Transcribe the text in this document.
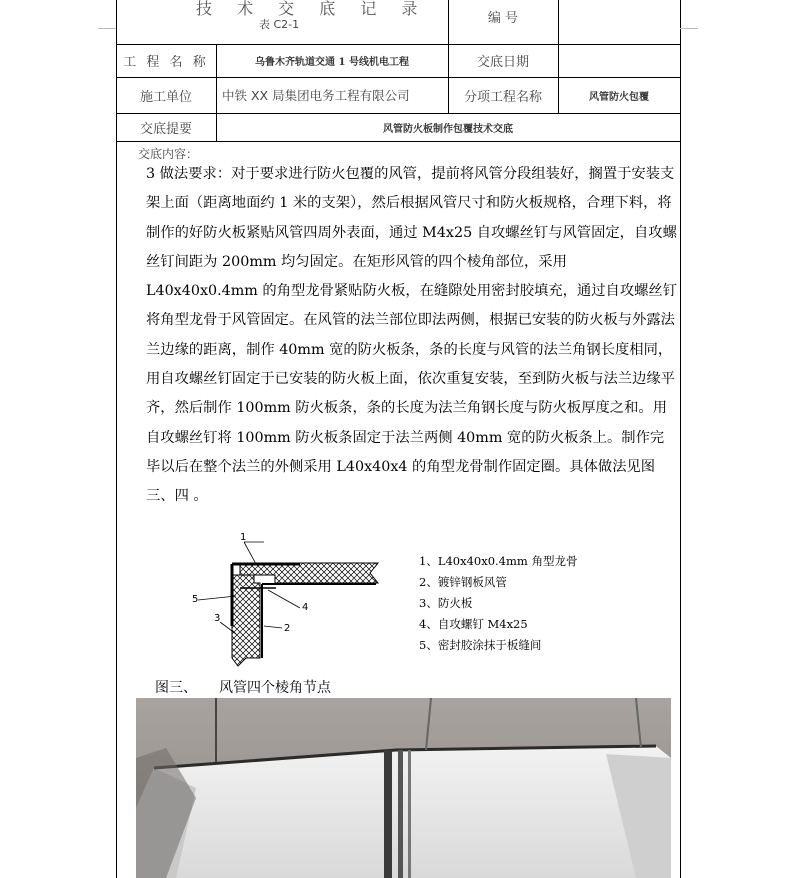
技 术 交 底 记 录
表 C2-1	编 号
工 程 名 称	乌鲁木齐轨道交通 1 号线机电工程	交底日期
施工单位	中铁 XX 局集团电务工程有限公司	分项工程名称	风管防火包覆
交底提要	风管防火板制作包覆技术交底
交底内容：
3 做法要求：对于要求进行防火包覆的风管，提前将风管分段组装好，搁置于安装支架上面（距离地面约 1 米的支架），然后根据风管尺寸和防火板规格，合理下料，将制作的好防火板紧贴风管四周外表面，通过 M4x25 自攻螺丝钉与风管固定，自攻螺丝钉间距为 200mm 均匀固定。在矩形风管的四个棱角部位，采用 L40x40x0.4mm 的角型龙骨紧贴防火板，在缝隙处用密封胶填充，通过自攻螺丝钉将角型龙骨于风管固定。在风管的法兰部位即法两侧，根据已安装的防火板与外露法兰边缘的距离，制作 40mm 宽的防火板条，条的长度与风管的法兰角钢长度相同，用自攻螺丝钉固定于已安装的防火板上面，依次重复安装，至到防火板与法兰边缘平齐，然后制作 100mm 防火板条，条的长度为法兰角钢长度与防火板厚度之和。用自攻螺丝钉将 100mm 防火板条固定于法兰两侧 40mm 宽的防火板条上。制作完毕以后在整个法兰的外侧采用 L40x40x4 的角型龙骨制作固定圈。具体做法见图三、四 。
1
2
3
4
5
1、L40x40x0.4mm 角型龙骨
2、镀锌钢板风管
3、防火板
4、自攻螺钉 M4x25
5、密封胶涂抹于板缝间
图三、 风管四个棱角节点
